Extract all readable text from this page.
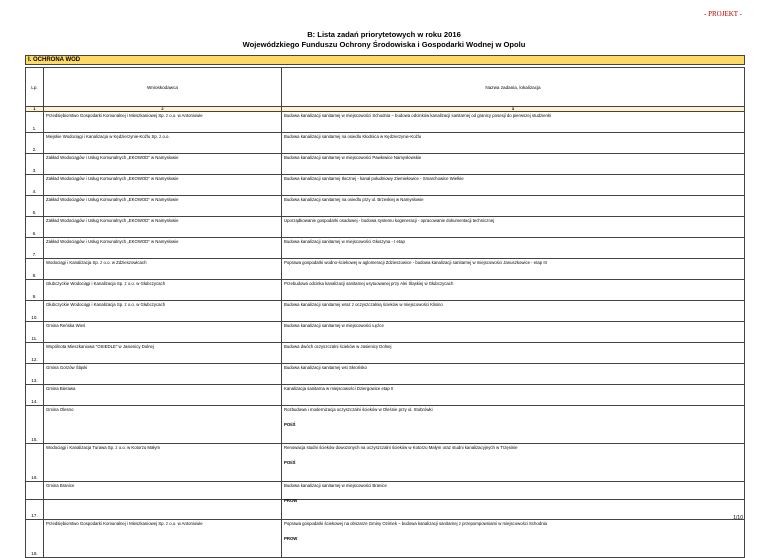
- PROJEKT -
B: Lista zadań priorytetowych w roku 2016
Wojewódzkiego Funduszu Ochrony Środowiska i Gospodarki Wodnej w Opolu
I. OCHRONA WÓD
Lp.	Wnioskodawca	Nazwa zadania, lokalizacja
1	2	3
1.	Przedsiębiorstwo Gospodarki Komunalnej i Mieszkaniowej Sp. z o.o. w Antoniowie	Budowa kanalizacji sanitarnej w miejscowości Schodnia – budowa odcinków kanalizacji sanitarnej od granicy posesji do pierwszej studzienki

2.	Miejskie Wodociągi i Kanalizacja w Kędzierzynie-Koźlu Sp. z.o.o.	Budowa kanalizacji sanitarnej na osiedlu Kłodnica w Kędzierzynie-Koźlu

3.	Zakład Wodociągów i Usług Komunalnych „EKOWOD” w Namysłowie	Budowa kanalizacji sanitarnej w miejscowości Pawłowice Namysłowskie

4.	Zakład Wodociągów i Usług Komunalnych „EKOWOD” w Namysłowie	Budowa kanalizacji sanitarnej tłocznej - kanał południowy Ziemiełowice - Smarchowice Wielkie

5.	Zakład Wodociągów i Usług Komunalnych „EKOWOD” w Namysłowie	Budowa kanalizacji sanitarnej na osiedlu przy ul. Brzeskiej w Namysłowie

6.	Zakład Wodociągów i Usług Komunalnych „EKOWOD” w Namysłowie	Uporządkowanie gospodarki osadowej - budowa systemu kogeneracji - opracowanie dokumentacji technicznej

7.	Zakład Wodociągów i Usług Komunalnych „EKOWOD” w Namysłowie	Budowa kanalizacji sanitarnej w miejscowości Głuszyna - I etap

8.	Wodociągi i Kanalizacja Sp. z o.o. w Zdzieszowicach	Poprawa gospodarki wodno-ściekowej w aglomeracji Zdzieszowice - budowa kanalizacji sanitarnej w miejscowości Januszkowice - etap III

9.	Głubczyckie Wodociągi i Kanalizacja Sp. z o.o. w Głubczycach	Przebudowa odcinka kanalizacji sanitarnej usytuowanej przy Alei Śląskiej w Głubczycach

10.	Głubczyckie Wodociągi i Kanalizacja Sp. z o.o. w Głubczycach	Budowa kanalizacji sanitarnej wraz z oczyszczalnią ścieków w miejscowości Klisino

11.	Gmina Reńska Wieś	Budowa kanalizacji sanitarnej w miejscowości Łężce

12.	Wspólnota Mieszkaniowa "OSIEDLE" w Jasienicy Dolnej	Budowa dwóch oczyszczalni ścieków w Jasienicy Dolnej

13.	Gmina Gorzów Śląski	Budowa kanalizacji sanitarnej wsi Skrońsko

14.	Gmina Bierawa	Kanalizacja sanitarna w miejscowości Dziergowice etap II

15.	Gmina Olesno	Rozbudowa i modernizacja oczyszczalni ścieków w Oleśnie przy ul. Stobrówki
POIiŚ

16.	Wodociągi i Kanalizacja Turawa Sp. z o.o. w Kotorzu Małym	Renowacja studni ścieków dowozonych na oczyszczalni ścieków w Kotorzu Małym oraz studni kanalizacyjnych w Trzęsinie
POIiŚ

17.	Gmina Branice	Budowa kanalizacji sanitarnej w miejscowości Branice
PROW

18.	Przedsiębiorstwo Gospodarki Komunalnej i Mieszkaniowej Sp. z o.o. w Antoniowie	Poprawa gospodarki ściekowej na obszarze Gminy Ozimek – budowa kanalizacji sanitarnej z przepompowniami w miejscowości Schodnia
PROW
1/10
